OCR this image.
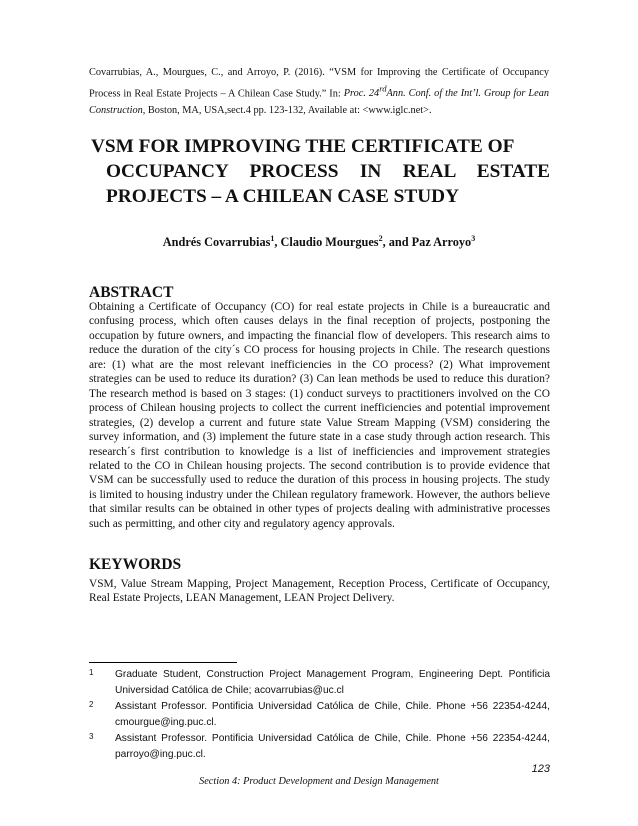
Covarrubias, A., Mourgues, C., and Arroyo, P. (2016). “VSM for Improving the Certificate of Occupancy Process in Real Estate Projects – A Chilean Case Study.” In: Proc. 24rdAnn. Conf. of the Int’l. Group for Lean Construction, Boston, MA, USA,sect.4 pp. 123-132, Available at: <www.iglc.net>.
VSM FOR IMPROVING THE CERTIFICATE OF
OCCUPANCY PROCESS IN REAL ESTATE
PROJECTS – A CHILEAN CASE STUDY
Andrés Covarrubias$^1$, Claudio Mourgues$^2$, and Paz Arroyo$^3$
ABSTRACT

Obtaining a Certificate of Occupancy (CO) for real estate projects in Chile is a bureaucratic and confusing process, which often causes delays in the final reception of projects, postponing the occupation by future owners, and impacting the financial flow of developers. This research aims to reduce the duration of the city´s CO process for housing projects in Chile. The research questions are: (1) what are the most relevant inefficiencies in the CO process? (2) What improvement strategies can be used to reduce its duration? (3) Can lean methods be used to reduce this duration? The research method is based on 3 stages: (1) conduct surveys to practitioners involved on the CO process of Chilean housing projects to collect the current inefficiencies and potential improvement strategies, (2) develop a current and future state Value Stream Mapping (VSM) considering the survey information, and (3) implement the future state in a case study through action research. This research´s first contribution to knowledge is a list of inefficiencies and improvement strategies related to the CO in Chilean housing projects. The second contribution is to provide evidence that VSM can be successfully used to reduce the duration of this process in housing projects. The study is limited to housing industry under the Chilean regulatory framework. However, the authors believe that similar results can be obtained in other types of projects dealing with administrative processes such as permitting, and other city and regulatory agency approvals.

KEYWORDS

VSM, Value Stream Mapping, Project Management, Reception Process, Certificate of Occupancy, Real Estate Projects, LEAN Management, LEAN Project Delivery.

1 Graduate Student, Construction Project Management Program, Engineering Dept. Pontificia Universidad Católica de Chile; acovarrubias@uc.cl
2 Assistant Professor. Pontificia Universidad Católica de Chile, Chile. Phone +56 22354-4244, cmourgue@ing.puc.cl.
3 Assistant Professor. Pontificia Universidad Católica de Chile, Chile. Phone +56 22354-4244, parroyo@ing.puc.cl.
123
Section 4: Product Development and Design Management
